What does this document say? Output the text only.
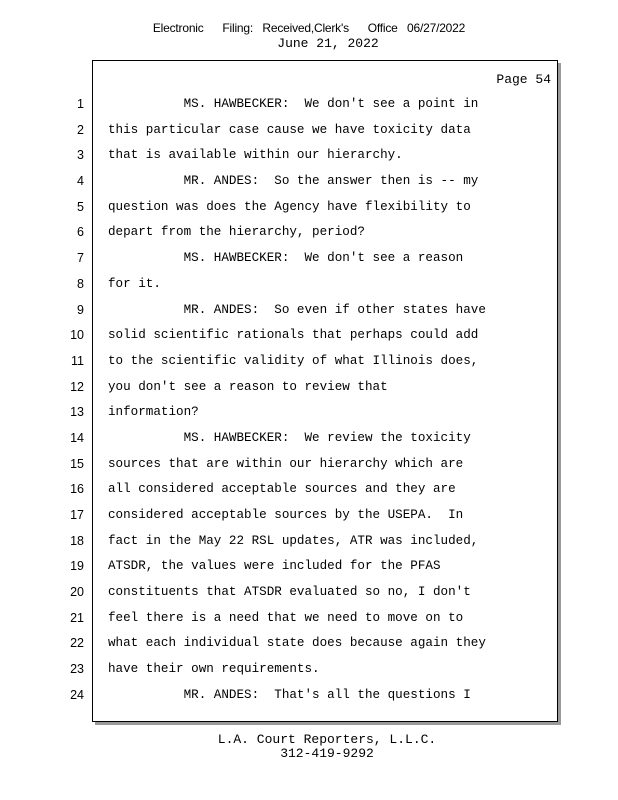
Electronic Filing: Received,Clerk's Office 06/27/2022
June 21, 2022
Page 54
1
2
3
4
5
6
7
8
9
10
11
12
13
14
15
16
17
18
19
20
21
22
23
24
MS. HAWBECKER:  We don't see a point in
this particular case cause we have toxicity data
that is available within our hierarchy.
MR. ANDES:  So the answer then is -- my
question was does the Agency have flexibility to
depart from the hierarchy, period?
MS. HAWBECKER:  We don't see a reason
for it.
MR. ANDES:  So even if other states have
solid scientific rationals that perhaps could add
to the scientific validity of what Illinois does,
you don't see a reason to review that
information?
MS. HAWBECKER:  We review the toxicity
sources that are within our hierarchy which are
all considered acceptable sources and they are
considered acceptable sources by the USEPA.  In
fact in the May 22 RSL updates, ATR was included,
ATSDR, the values were included for the PFAS
constituents that ATSDR evaluated so no, I don't
feel there is a need that we need to move on to
what each individual state does because again they
have their own requirements.
MR. ANDES:  That's all the questions I
L.A. Court Reporters, L.L.C.
312-419-9292
